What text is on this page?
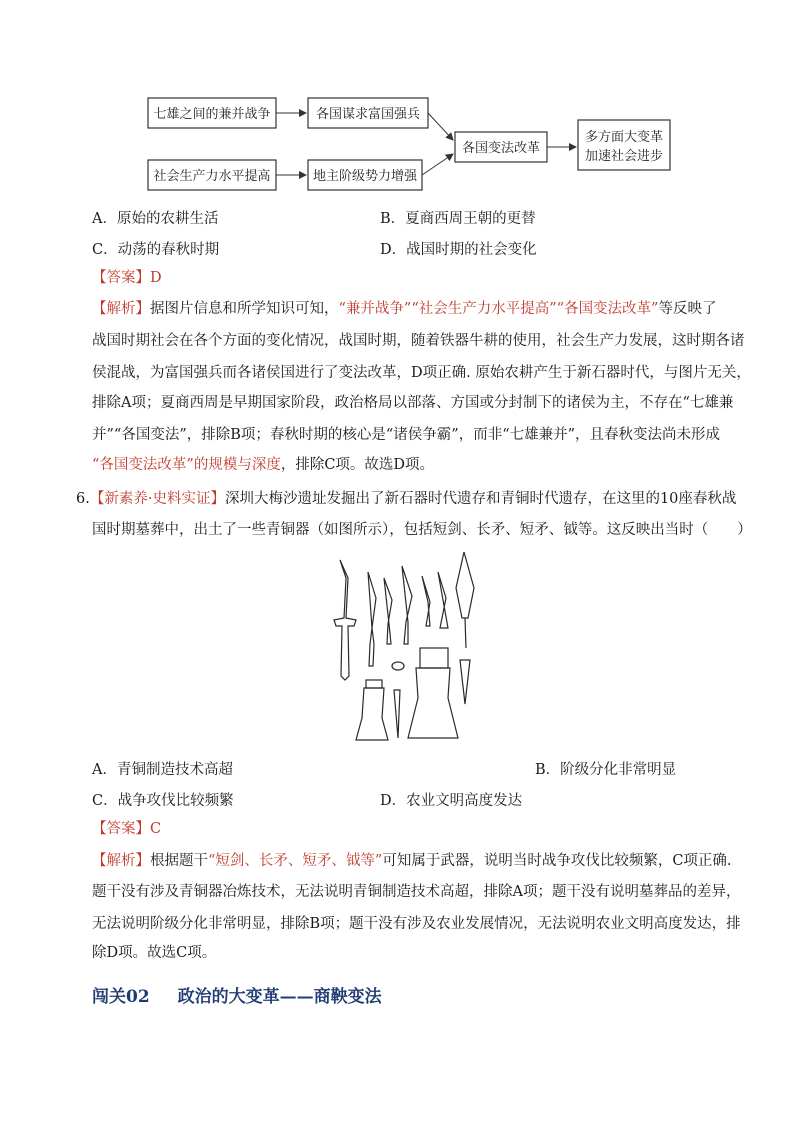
七雄之间的兼并战争	各国谋求富国强兵
社会生产力水平提高	地主阶级势力增强
各国变法改革
多方面大变革
加速社会进步
A．原始的农耕生活	B．夏商西周王朝的更替
C．动荡的春秋时期	D．战国时期的社会变化
【答案】D
【解析】据图片信息和所学知识可知，“兼并战争”“社会生产力水平提高”“各国变法改革”等反映了
战国时期社会在各个方面的变化情况，战国时期，随着铁器牛耕的使用，社会生产力发展，这时期各诸
侯混战，为富国强兵而各诸侯国进行了变法改革，D项正确. 原始农耕产生于新石器时代，与图片无关，
排除A项；夏商西周是早期国家阶段，政治格局以部落、方国或分封制下的诸侯为主，不存在“七雄兼
并”“各国变法”，排除B项；春秋时期的核心是“诸侯争霸”，而非“七雄兼并”，且春秋变法尚未形成
“各国变法改革”的规模与深度，排除C项。故选D项。
6.【新素养·史料实证】深圳大梅沙遗址发掘出了新石器时代遗存和青铜时代遗存，在这里的10座春秋战
国时期墓葬中，出土了一些青铜器（如图所示），包括短剑、长矛、短矛、钺等。这反映出当时（　　）
A．青铜制造技术高超	B．阶级分化非常明显
C．战争攻伐比较频繁	D．农业文明高度发达
【答案】C
【解析】根据题干“短剑、长矛、短矛、钺等”可知属于武器，说明当时战争攻伐比较频繁，C项正确.
题干没有涉及青铜器冶炼技术，无法说明青铜制造技术高超，排除A项；题干没有说明墓葬品的差异，
无法说明阶级分化非常明显，排除B项；题干没有涉及农业发展情况，无法说明农业文明高度发达，排
除D项。故选C项。
闯关02 政治的大变革——商鞅变法
